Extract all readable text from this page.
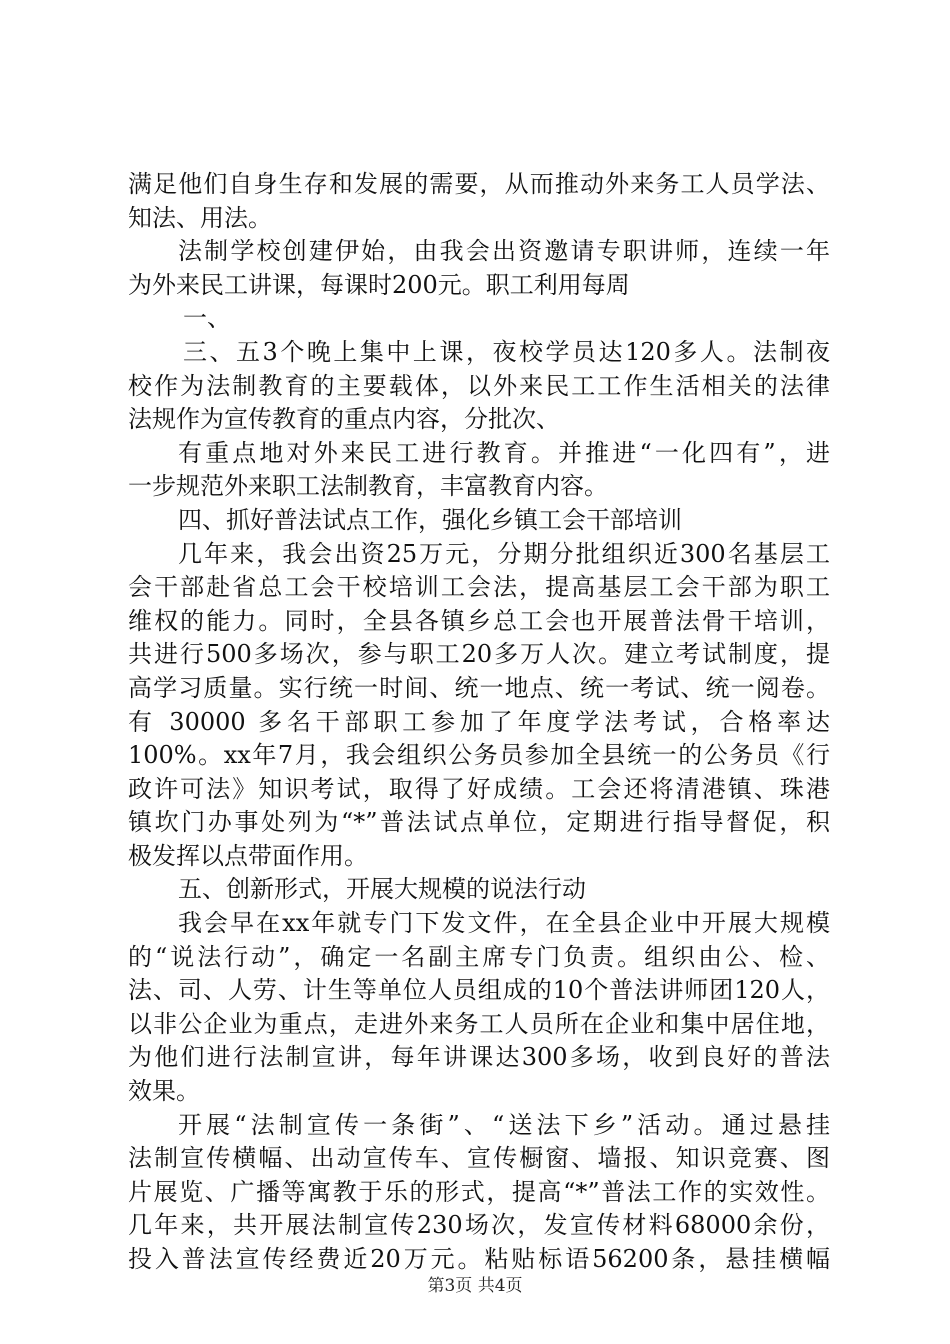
满足他们自身生存和发展的需要，从而推动外来务工人员学法、
知法、用法。
法制学校创建伊始，由我会出资邀请专职讲师，连续一年
为外来民工讲课，每课时200元。职工利用每周
一、
三、五3个晚上集中上课，夜校学员达120多人。法制夜
校作为法制教育的主要载体，以外来民工工作生活相关的法律
法规作为宣传教育的重点内容，分批次、
有重点地对外来民工进行教育。并推进“一化四有”，进
一步规范外来职工法制教育，丰富教育内容。
四、抓好普法试点工作，强化乡镇工会干部培训
几年来，我会出资25万元，分期分批组织近300名基层工
会干部赴省总工会干校培训工会法，提高基层工会干部为职工
维权的能力。同时，全县各镇乡总工会也开展普法骨干培训，
共进行500多场次，参与职工20多万人次。建立考试制度，提
高学习质量。实行统一时间、统一地点、统一考试、统一阅卷。
有 30000 多名干部职工参加了年度学法考试，合格率达
100%。xx年7月，我会组织公务员参加全县统一的公务员《行
政许可法》知识考试，取得了好成绩。工会还将清港镇、珠港
镇坎门办事处列为“*”普法试点单位，定期进行指导督促，积
极发挥以点带面作用。
五、创新形式，开展大规模的说法行动
我会早在xx年就专门下发文件，在全县企业中开展大规模
的“说法行动”，确定一名副主席专门负责。组织由公、检、
法、司、人劳、计生等单位人员组成的10个普法讲师团120人，
以非公企业为重点，走进外来务工人员所在企业和集中居住地，
为他们进行法制宣讲，每年讲课达300多场，收到良好的普法
效果。
开展“法制宣传一条街”、“送法下乡”活动。通过悬挂
法制宣传横幅、出动宣传车、宣传橱窗、墙报、知识竞赛、图
片展览、广播等寓教于乐的形式，提高“*”普法工作的实效性。
几年来，共开展法制宣传230场次，发宣传材料68000余份，
投入普法宣传经费近20万元。粘贴标语56200条，悬挂横幅
第3页 共4页
